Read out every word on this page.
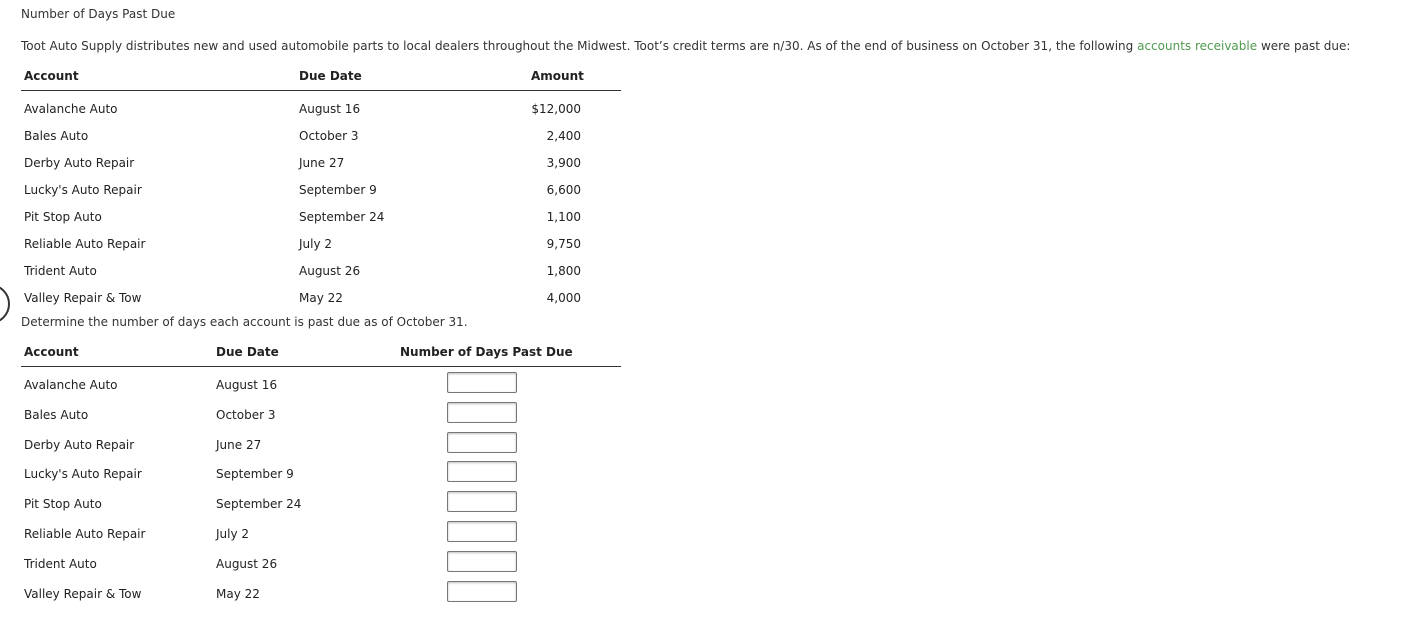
Number of Days Past Due
Toot Auto Supply distributes new and used automobile parts to local dealers throughout the Midwest. Toot’s credit terms are n/30. As of the end of business on October 31, the following accounts receivable were past due:
Account	Due Date	Amount
Avalanche Auto	August 16	$12,000
Bales Auto	October 3	2,400
Derby Auto Repair	June 27	3,900
Lucky's Auto Repair	September 9	6,600
Pit Stop Auto	September 24	1,100
Reliable Auto Repair	July 2	9,750
Trident Auto	August 26	1,800
Valley Repair & Tow	May 22	4,000
Determine the number of days each account is past due as of October 31.
Account	Due Date	Number of Days Past Due
Avalanche Auto	August 16
Bales Auto	October 3
Derby Auto Repair	June 27
Lucky's Auto Repair	September 9
Pit Stop Auto	September 24
Reliable Auto Repair	July 2
Trident Auto	August 26
Valley Repair & Tow	May 22
